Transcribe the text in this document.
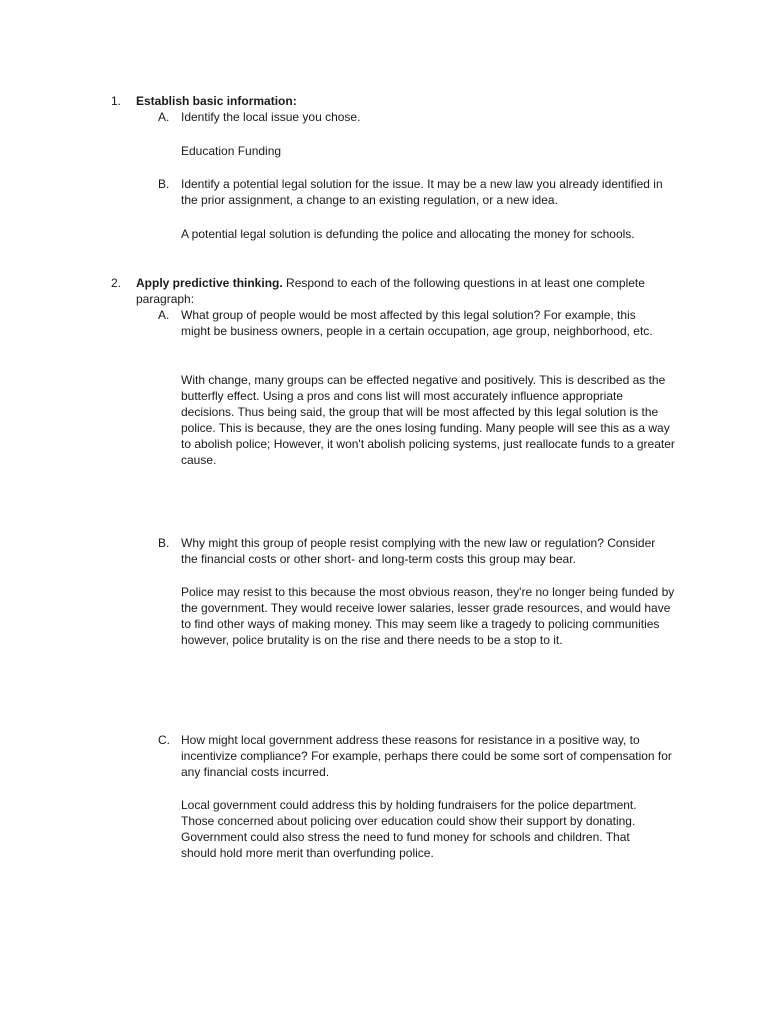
1.	Establish basic information:
A. Identify the local issue you chose.
Education Funding
B. Identify a potential legal solution for the issue. It may be a new law you already identified in the prior assignment, a change to an existing regulation, or a new idea.
A potential legal solution is defunding the police and allocating the money for schools.
2.	Apply predictive thinking. Respond to each of the following questions in at least one complete paragraph:
A. What group of people would be most affected by this legal solution? For example, this might be business owners, people in a certain occupation, age group, neighborhood, etc.
With change, many groups can be effected negative and positively. This is described as the butterfly effect. Using a pros and cons list will most accurately influence appropriate decisions. Thus being said, the group that will be most affected by this legal solution is the police. This is because, they are the ones losing funding. Many people will see this as a way to abolish police; However, it won't abolish policing systems, just reallocate funds to a greater cause.
B. Why might this group of people resist complying with the new law or regulation? Consider the financial costs or other short- and long-term costs this group may bear.
Police may resist to this because the most obvious reason, they're no longer being funded by the government. They would receive lower salaries, lesser grade resources, and would have to find other ways of making money. This may seem like a tragedy to policing communities however, police brutality is on the rise and there needs to be a stop to it.
C. How might local government address these reasons for resistance in a positive way, to incentivize compliance? For example, perhaps there could be some sort of compensation for any financial costs incurred.
Local government could address this by holding fundraisers for the police department. Those concerned about policing over education could show their support by donating. Government could also stress the need to fund money for schools and children. That should hold more merit than overfunding police.
